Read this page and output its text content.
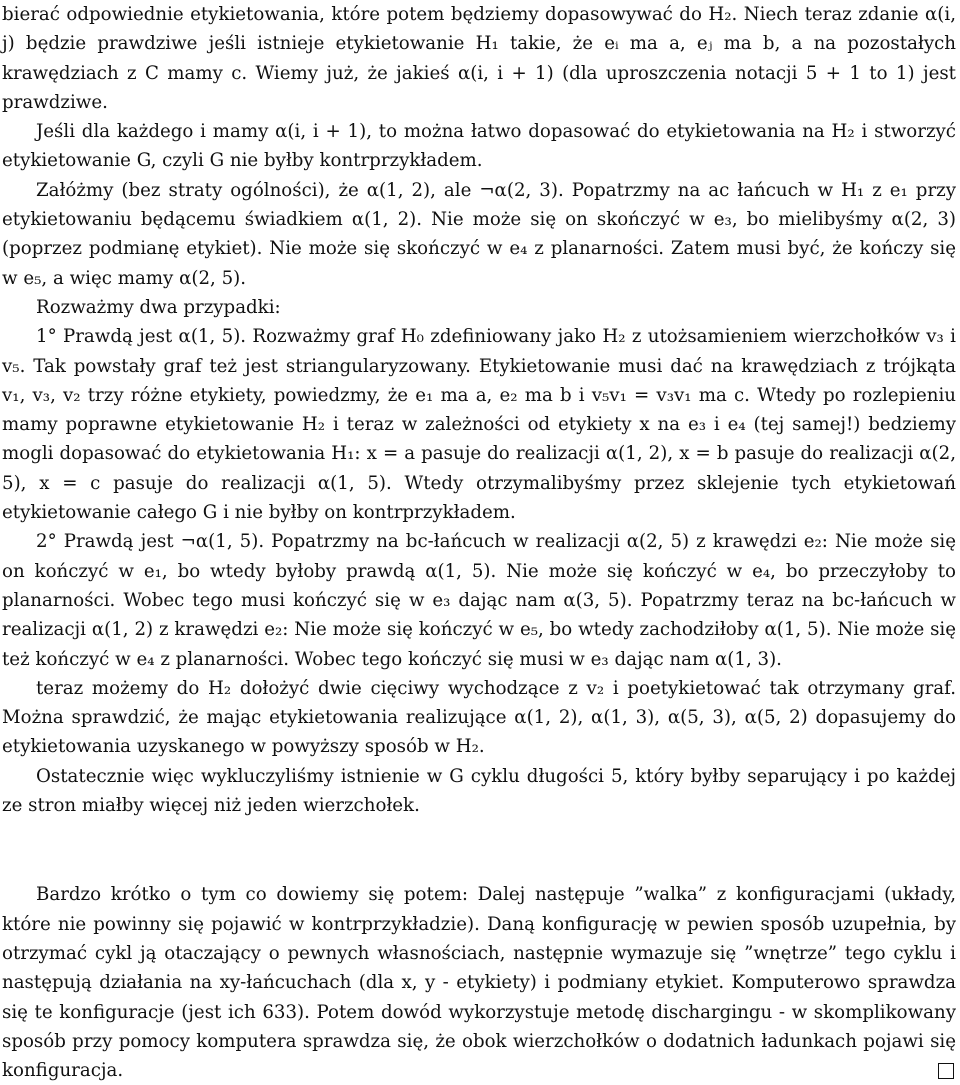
bierać odpowiednie etykietowania, które potem będziemy dopasowywać do H₂. Niech teraz zdanie α(i, j) będzie prawdziwe jeśli istnieje etykietowanie H₁ takie, że eᵢ ma a, eⱼ ma b, a na pozostałych krawędziach z C mamy c. Wiemy już, że jakieś α(i, i + 1) (dla uproszczenia notacji 5 + 1 to 1) jest prawdziwe.

Jeśli dla każdego i mamy α(i, i + 1), to można łatwo dopasować do etykietowania na H₂ i stworzyć etykietowanie G, czyli G nie byłby kontrprzykładem.

Załóżmy (bez straty ogólności), że α(1, 2), ale ¬α(2, 3). Popatrzmy na ac łańcuch w H₁ z e₁ przy etykietowaniu będącemu świadkiem α(1, 2). Nie może się on skończyć w e₃, bo mielibyśmy α(2, 3) (poprzez podmianę etykiet). Nie może się skończyć w e₄ z planarności. Zatem musi być, że kończy się w e₅, a więc mamy α(2, 5).

Rozważmy dwa przypadki:

1° Prawdą jest α(1, 5). Rozważmy graf H₀ zdefiniowany jako H₂ z utożsamieniem wierzchołków v₃ i v₅. Tak powstały graf też jest striangularyzowany. Etykietowanie musi dać na krawędziach z trójkąta v₁, v₃, v₂ trzy różne etykiety, powiedzmy, że e₁ ma a, e₂ ma b i v₅v₁ = v₃v₁ ma c. Wtedy po rozlepieniu mamy poprawne etykietowanie H₂ i teraz w zależności od etykiety x na e₃ i e₄ (tej samej!) bedziemy mogli dopasować do etykietowania H₁: x = a pasuje do realizacji α(1, 2), x = b pasuje do realizacji α(2, 5), x = c pasuje do realizacji α(1, 5). Wtedy otrzymalibyśmy przez sklejenie tych etykietowań etykietowanie całego G i nie byłby on kontrprzykładem.

2° Prawdą jest ¬α(1, 5). Popatrzmy na bc-łańcuch w realizacji α(2, 5) z krawędzi e₂: Nie może się on kończyć w e₁, bo wtedy byłoby prawdą α(1, 5). Nie może się kończyć w e₄, bo przeczyłoby to planarności. Wobec tego musi kończyć się w e₃ dając nam α(3, 5). Popatrzmy teraz na bc-łańcuch w realizacji α(1, 2) z krawędzi e₂: Nie może się kończyć w e₅, bo wtedy zachodziłoby α(1, 5). Nie może się też kończyć w e₄ z planarności. Wobec tego kończyć się musi w e₃ dając nam α(1, 3).

teraz możemy do H₂ dołożyć dwie cięciwy wychodzące z v₂ i poetykietować tak otrzymany graf. Można sprawdzić, że mając etykietowania realizujące α(1, 2), α(1, 3), α(5, 3), α(5, 2) dopasujemy do etykietowania uzyskanego w powyższy sposób w H₂.

Ostatecznie więc wykluczyliśmy istnienie w G cyklu długości 5, który byłby separujący i po każdej ze stron miałby więcej niż jeden wierzchołek.

Bardzo krótko o tym co dowiemy się potem: Dalej następuje ”walka” z konfiguracjami (układy, które nie powinny się pojawić w kontrprzykładzie). Daną konfigurację w pewien sposób uzupełnia, by otrzymać cykl ją otaczający o pewnych własnościach, następnie wymazuje się ”wnętrze” tego cyklu i następują działania na xy-łańcuchach (dla x, y - etykiety) i podmiany etykiet. Komputerowo sprawdza się te konfiguracje (jest ich 633). Potem dowód wykorzystuje metodę dischargingu - w skomplikowany sposób przy pomocy komputera sprawdza się, że obok wierzchołków o dodatnich ładunkach pojawi się konfiguracja.
